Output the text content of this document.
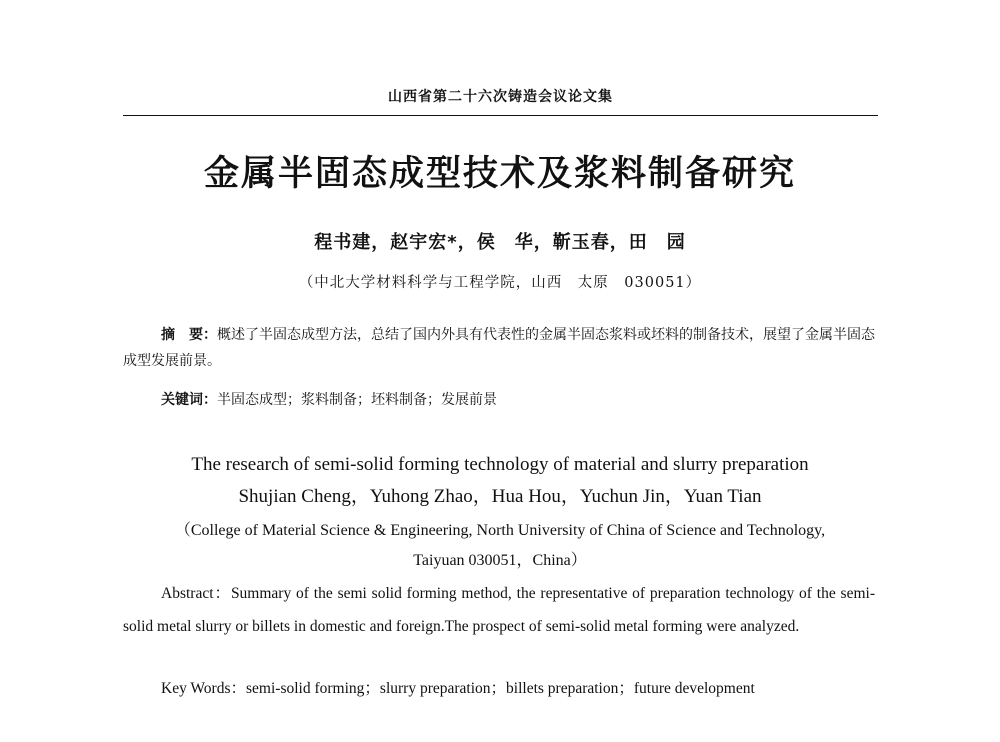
山西省第二十六次铸造会议论文集
金属半固态成型技术及浆料制备研究
程书建，赵宇宏*，侯　华，靳玉春，田　园
（中北大学材料科学与工程学院，山西　太原　030051）
摘　要：概述了半固态成型方法，总结了国内外具有代表性的金属半固态浆料或坯料的制备技术，展望了金属半固态成型发展前景。
关键词：半固态成型；浆料制备；坯料制备；发展前景
The research of semi-solid forming technology of material and slurry preparation
Shujian Cheng，Yuhong Zhao，Hua Hou，Yuchun Jin，Yuan Tian
（College of Material Science & Engineering, North University of China of Science and Technology,
Taiyuan 030051，China）
Abstract：Summary of the semi solid forming method, the representative of preparation technology of the semi-solid metal slurry or billets in domestic and foreign.The prospect of semi-solid metal forming were analyzed.
Key Words：semi-solid forming；slurry preparation；billets preparation；future development
